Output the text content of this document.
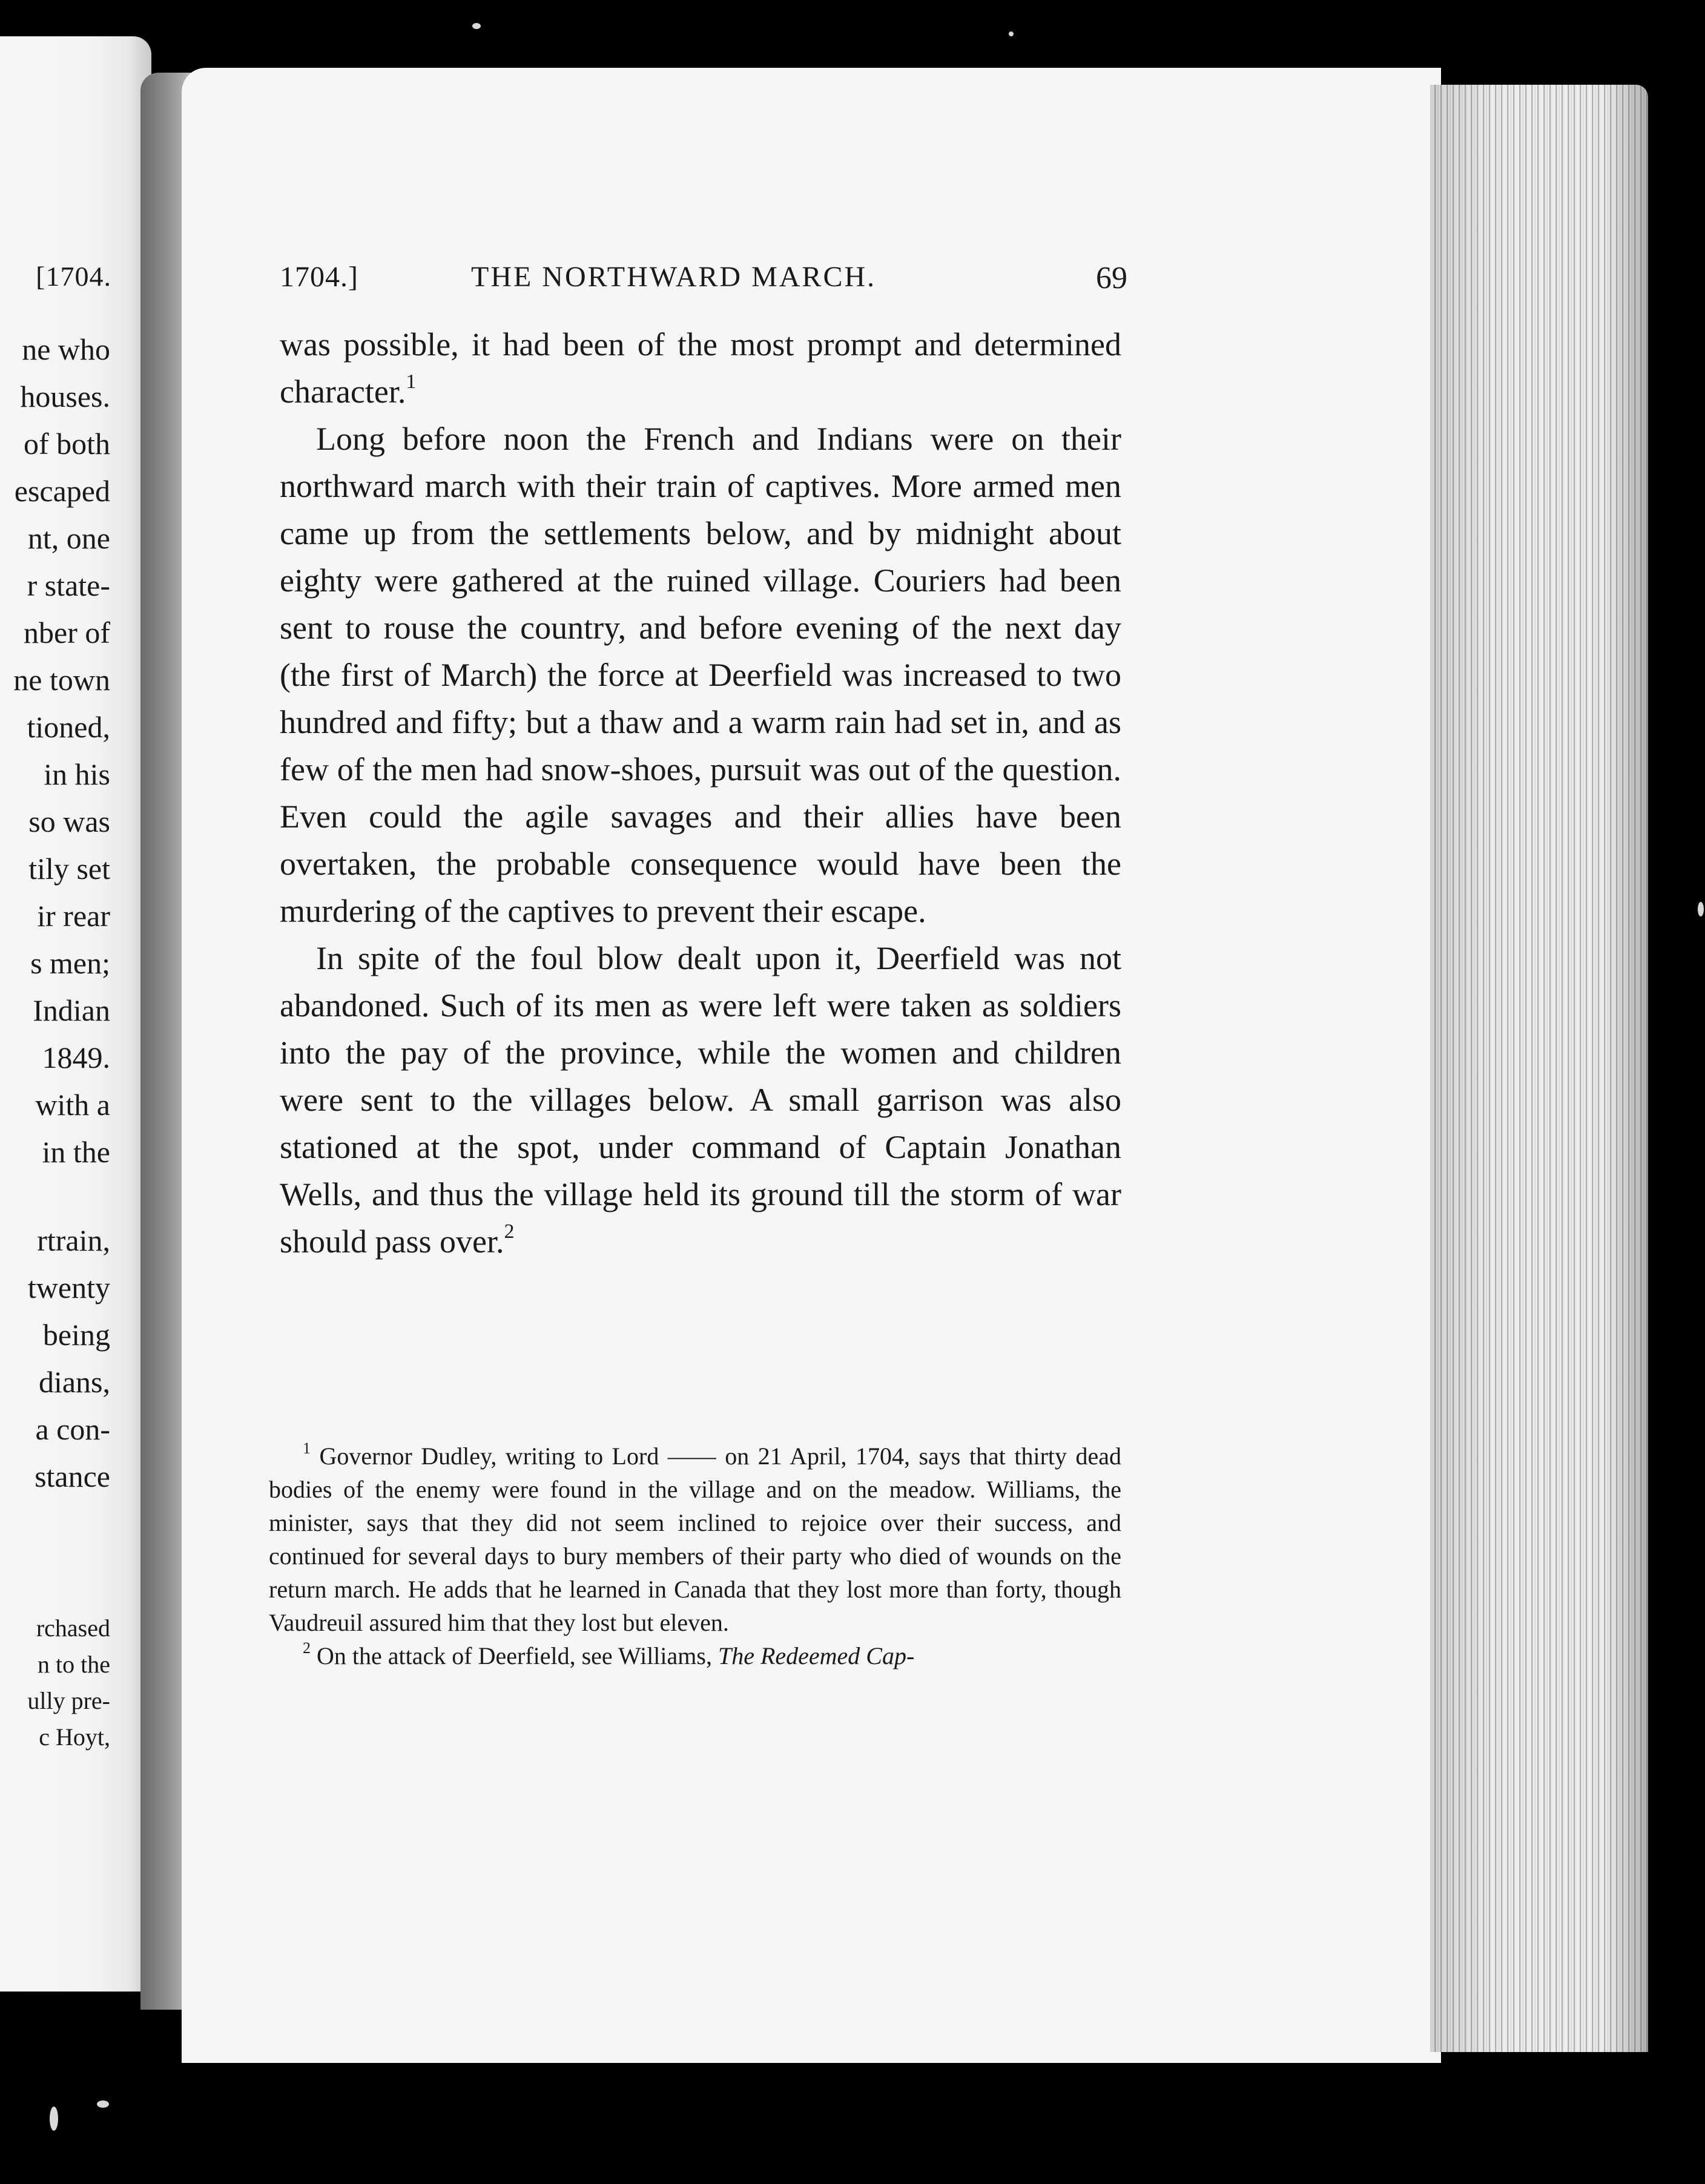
[1704.
ne who
houses.
of both
escaped
nt, one
r state-
nber of
ne town
tioned,
in his
so was
tily set
ir rear
s men;
Indian
1849.
with a
in the
rtrain,
twenty
being
dians,
a con-
stance
rchased
n to the
ully pre-
c Hoyt,
1704.]	THE NORTHWARD MARCH.	69

was possible, it had been of the most prompt and determined character.$^1$

Long before noon the French and Indians were on their northward march with their train of captives. More armed men came up from the settlements below, and by midnight about eighty were gathered at the ruined village. Couriers had been sent to rouse the country, and before evening of the next day (the first of March) the force at Deerfield was increased to two hundred and fifty; but a thaw and a warm rain had set in, and as few of the men had snow-shoes, pursuit was out of the question. Even could the agile savages and their allies have been overtaken, the probable consequence would have been the murdering of the captives to prevent their escape.

In spite of the foul blow dealt upon it, Deerfield was not abandoned. Such of its men as were left were taken as soldiers into the pay of the province, while the women and children were sent to the villages below. A small garrison was also stationed at the spot, under command of Captain Jonathan Wells, and thus the village held its ground till the storm of war should pass over.$^2$

$^1$ Governor Dudley, writing to Lord —— on 21 April, 1704, says that thirty dead bodies of the enemy were found in the village and on the meadow. Williams, the minister, says that they did not seem inclined to rejoice over their success, and continued for several days to bury members of their party who died of wounds on the return march. He adds that he learned in Canada that they lost more than forty, though Vaudreuil assured him that they lost but eleven.

$^2$ On the attack of Deerfield, see Williams, The Redeemed Cap-
